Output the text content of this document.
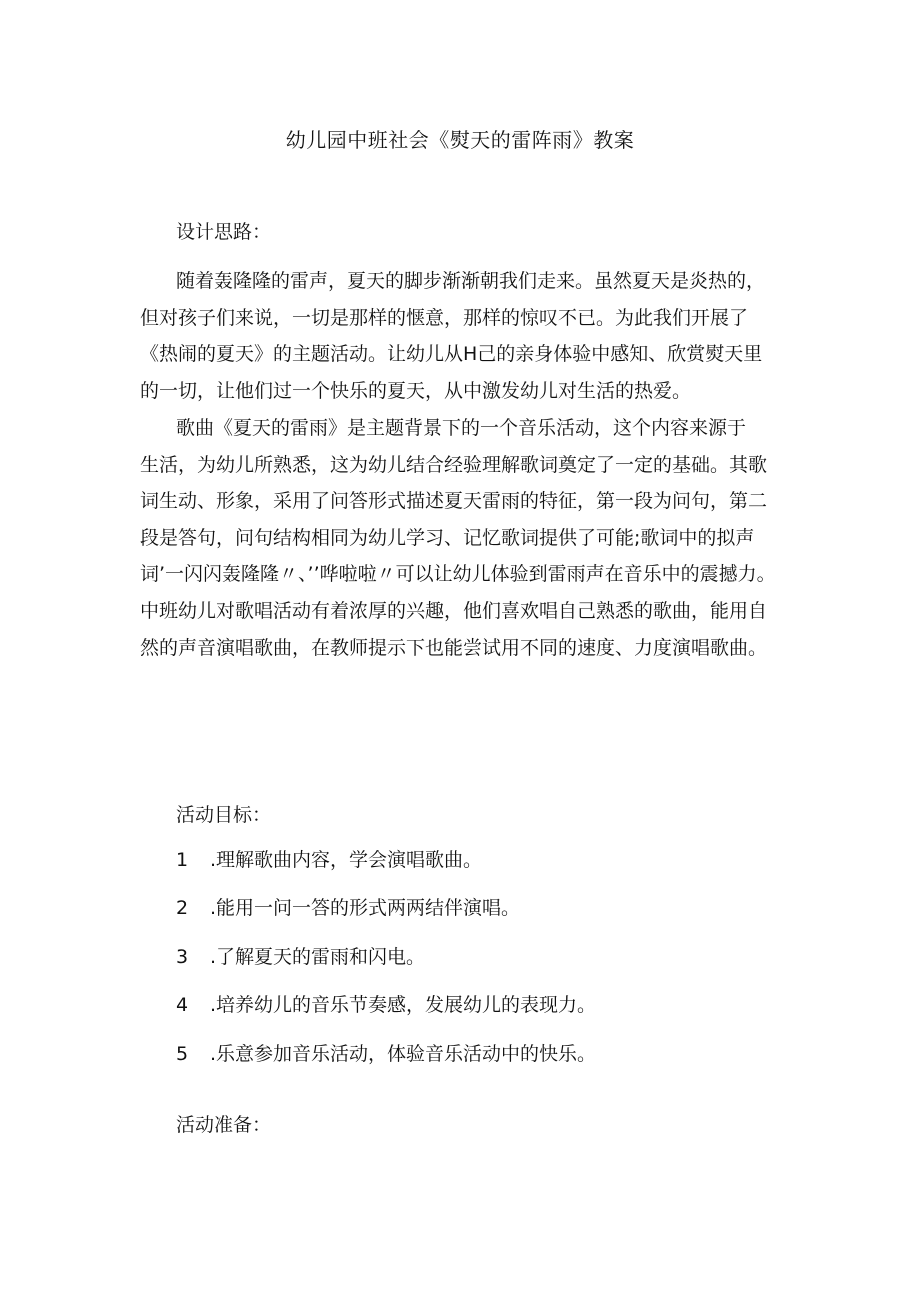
幼儿园中班社会《熨天的雷阵雨》教案

设计思路：

随着轰隆隆的雷声，夏天的脚步渐渐朝我们走来。虽然夏天是炎热的，
但对孩子们来说，一切是那样的惬意，那样的惊叹不已。为此我们开展了
《热闹的夏天》的主题活动。让幼儿从H己的亲身体验中感知、欣赏熨天里
的一切，让他们过一个快乐的夏天，从中激发幼儿对生活的热爱。

歌曲《夏天的雷雨》是主题背景下的一个音乐活动，这个内容来源于
生活，为幼儿所熟悉，这为幼儿结合经验理解歌词奠定了一定的基础。其歌
词生动、形象，采用了问答形式描述夏天雷雨的特征，第一段为问句，第二
段是答句，问句结构相同为幼儿学习、记忆歌词提供了可能;歌词中的拟声
词’一闪闪轰隆隆〃、’’哗啦啦〃可以让幼儿体验到雷雨声在音乐中的震撼力。
中班幼儿对歌唱活动有着浓厚的兴趣，他们喜欢唱自己熟悉的歌曲，能用自
然的声音演唱歌曲，在教师提示下也能尝试用不同的速度、力度演唱歌曲。

活动目标：

1 .理解歌曲内容，学会演唱歌曲。

2 .能用一问一答的形式两两结伴演唱。

3 .了解夏天的雷雨和闪电。

4 .培养幼儿的音乐节奏感，发展幼儿的表现力。

5 .乐意参加音乐活动，体验音乐活动中的快乐。

活动准备：
